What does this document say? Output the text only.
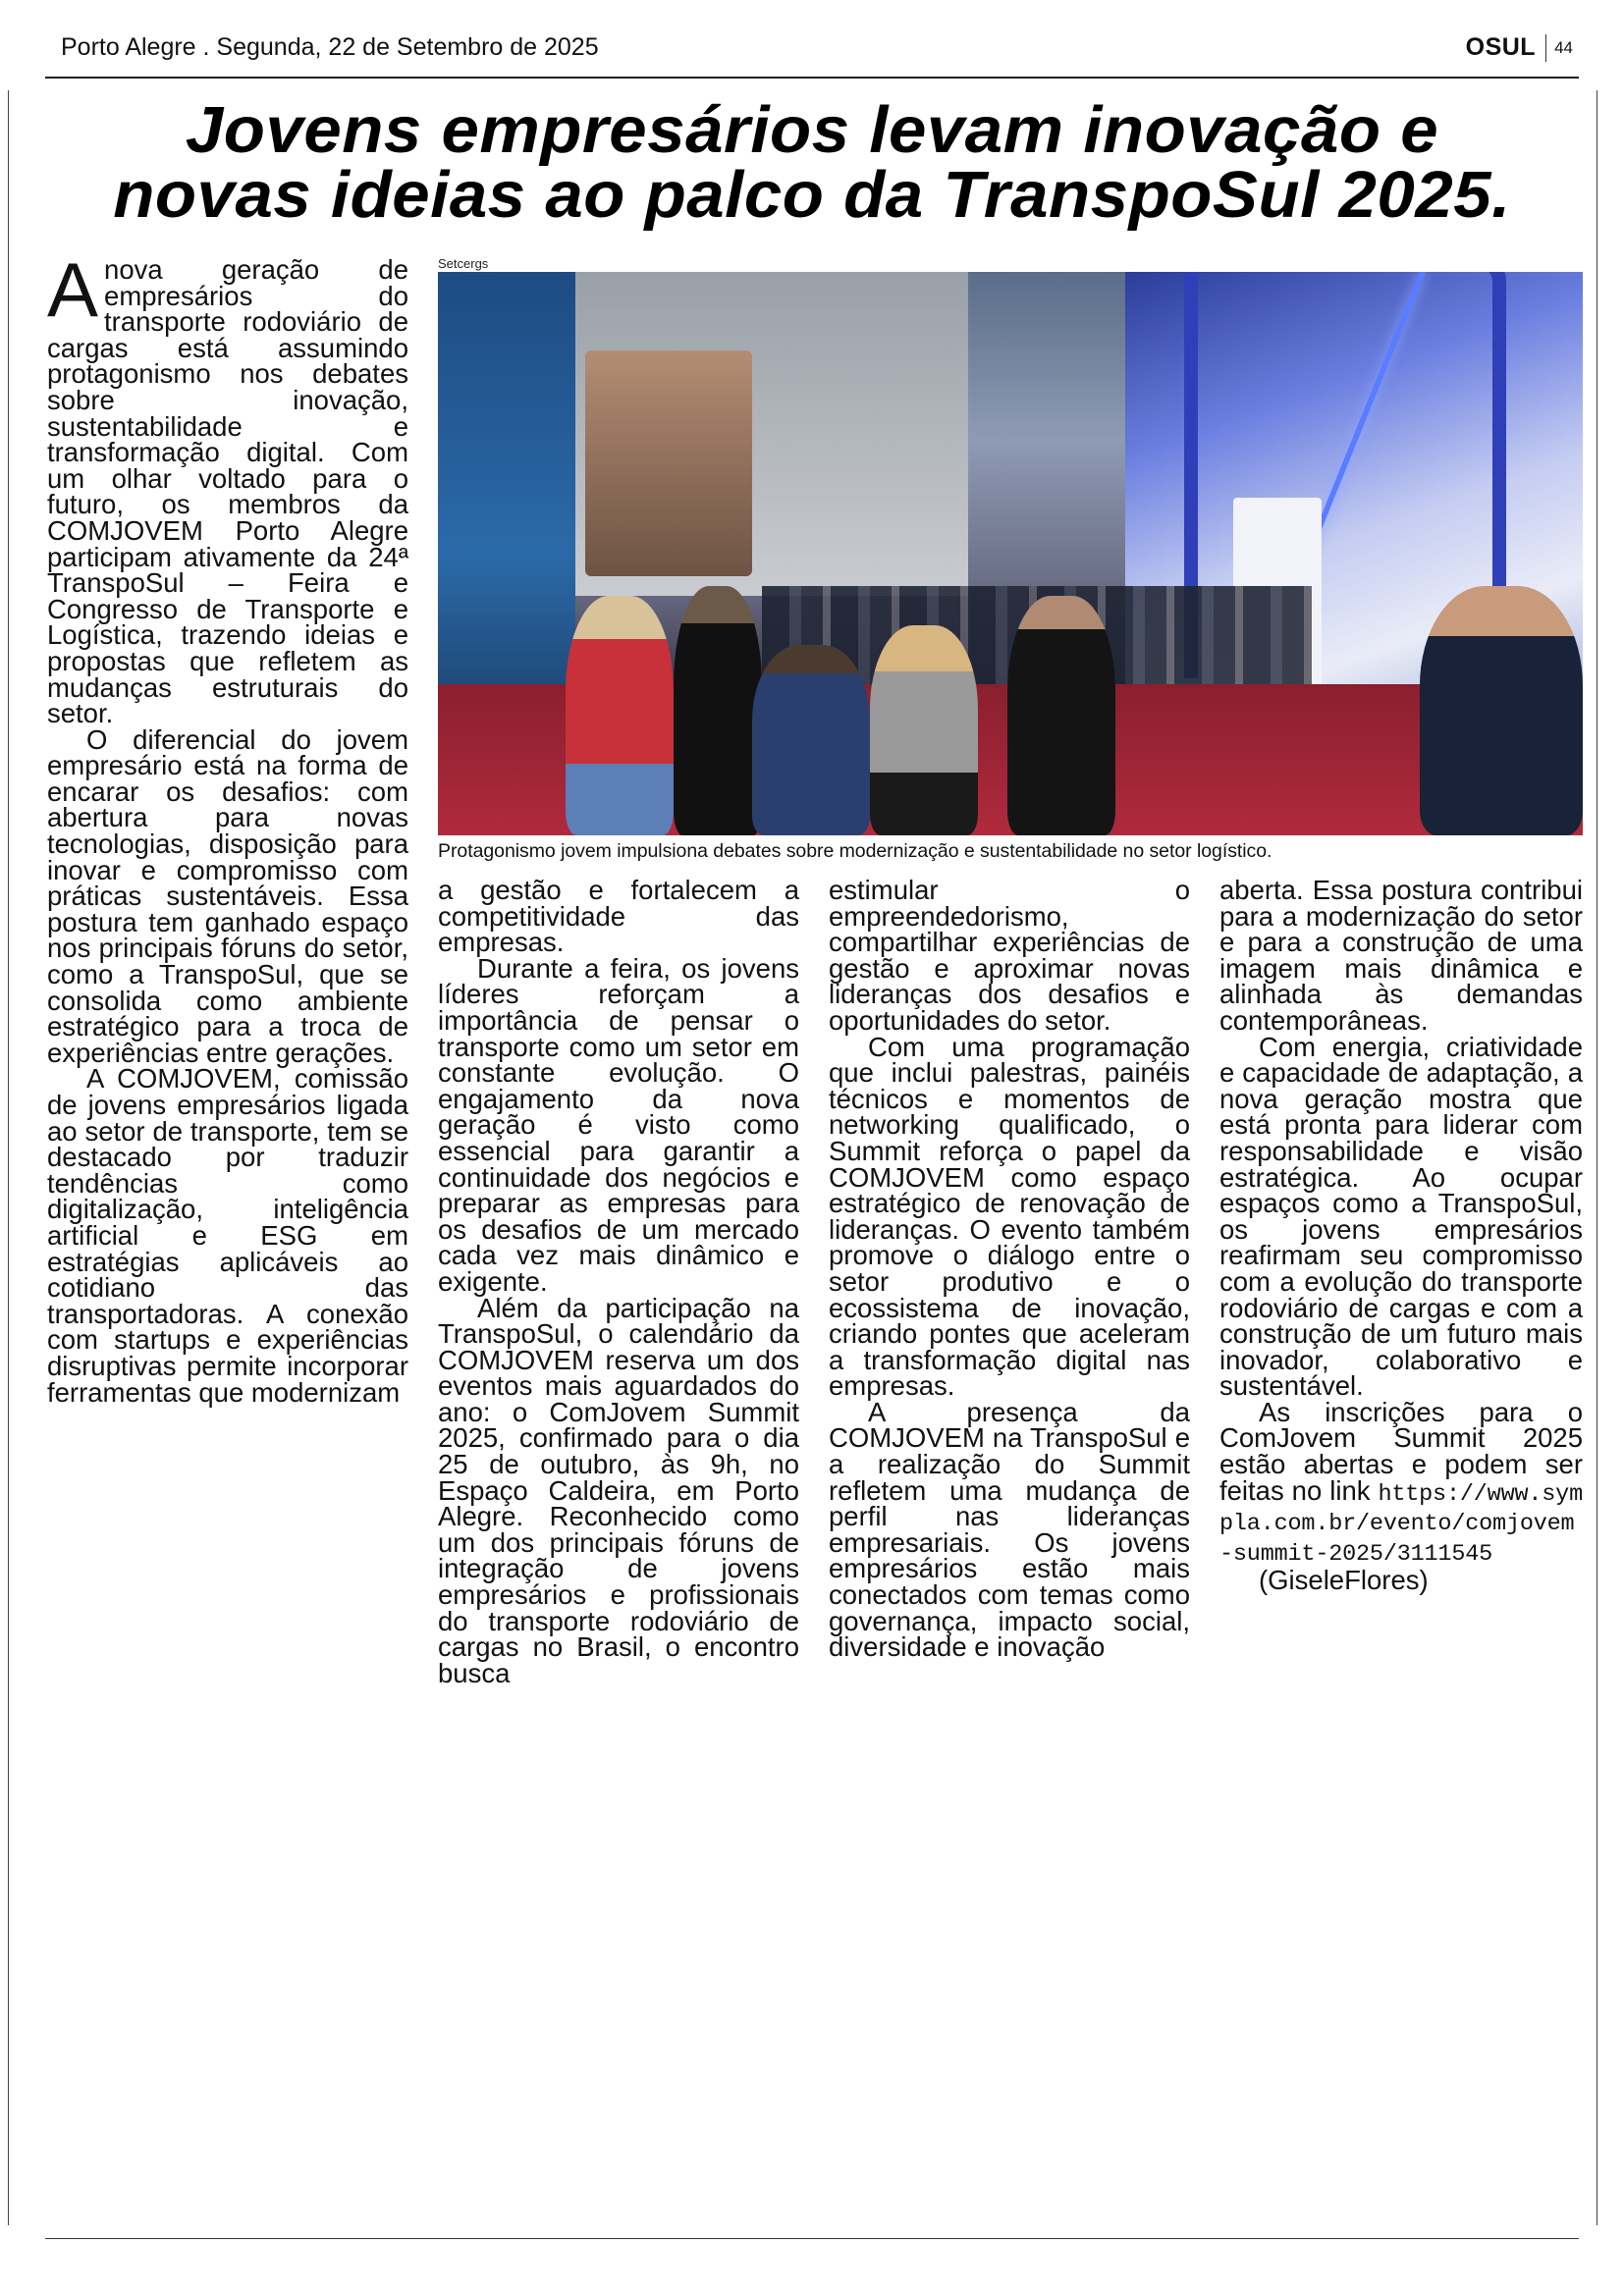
Porto Alegre . Segunda, 22 de Setembro de 2025	OSUL 44
Jovens empresários levam inovação e
novas ideias ao palco da TranspoSul 2025.
Setcergs
Protagonismo jovem impulsiona debates sobre modernização e sustentabilidade no setor logístico.

Anova geração de empresários do transporte rodoviário de cargas está assumindo protagonismo nos debates sobre inovação, sustentabilidade e transformação digital. Com um olhar voltado para o futuro, os membros da COMJOVEM Porto Alegre participam ativamente da 24ª TranspoSul – Feira e Congresso de Transporte e Logística, trazendo ideias e propostas que refletem as mudanças estruturais do setor.

O diferencial do jovem empresário está na forma de encarar os desafios: com abertura para novas tecnologias, disposição para inovar e compromisso com práticas sustentáveis. Essa postura tem ganhado espaço nos principais fóruns do setor, como a TranspoSul, que se consolida como ambiente estratégico para a troca de experiências entre gerações.

A COMJOVEM, comissão de jovens empresários ligada ao setor de transporte, tem se destacado por traduzir tendências como digitalização, inteligência artificial e ESG em estratégias aplicáveis ao cotidiano das transportadoras. A conexão com startups e experiências disruptivas permite incorporar ferramentas que modernizam

a gestão e fortalecem a competitividade das empresas.

Durante a feira, os jovens líderes reforçam a importância de pensar o transporte como um setor em constante evolução. O engajamento da nova geração é visto como essencial para garantir a continuidade dos negócios e preparar as empresas para os desafios de um mercado cada vez mais dinâmico e exigente.

Além da participação na TranspoSul, o calendário da COMJOVEM reserva um dos eventos mais aguardados do ano: o ComJovem Summit 2025, confirmado para o dia 25 de outubro, às 9h, no Espaço Caldeira, em Porto Alegre. Reconhecido como um dos principais fóruns de integração de jovens empresários e profissionais do transporte rodoviário de cargas no Brasil, o encontro busca

estimular o empreendedorismo, compartilhar experiências de gestão e aproximar novas lideranças dos desafios e oportunidades do setor.

Com uma programação que inclui palestras, painéis técnicos e momentos de networking qualificado, o Summit reforça o papel da COMJOVEM como espaço estratégico de renovação de lideranças. O evento também promove o diálogo entre o setor produtivo e o ecossistema de inovação, criando pontes que aceleram a transformação digital nas empresas.

A presença da COMJOVEM na TranspoSul e a realização do Summit refletem uma mudança de perfil nas lideranças empresariais. Os jovens empresários estão mais conectados com temas como governança, impacto social, diversidade e inovação

aberta. Essa postura contribui para a modernização do setor e para a construção de uma imagem mais dinâmica e alinhada às demandas contemporâneas.

Com energia, criatividade e capacidade de adaptação, a nova geração mostra que está pronta para liderar com responsabilidade e visão estratégica. Ao ocupar espaços como a TranspoSul, os jovens empresários reafirmam seu compromisso com a evolução do transporte rodoviário de cargas e com a construção de um futuro mais inovador, colaborativo e sustentável.

As inscrições para o ComJovem Summit 2025 estão abertas e podem ser feitas no link https://www.sympla.com.br/evento/comjovem-summit-2025/3111545

(GiseleFlores)
